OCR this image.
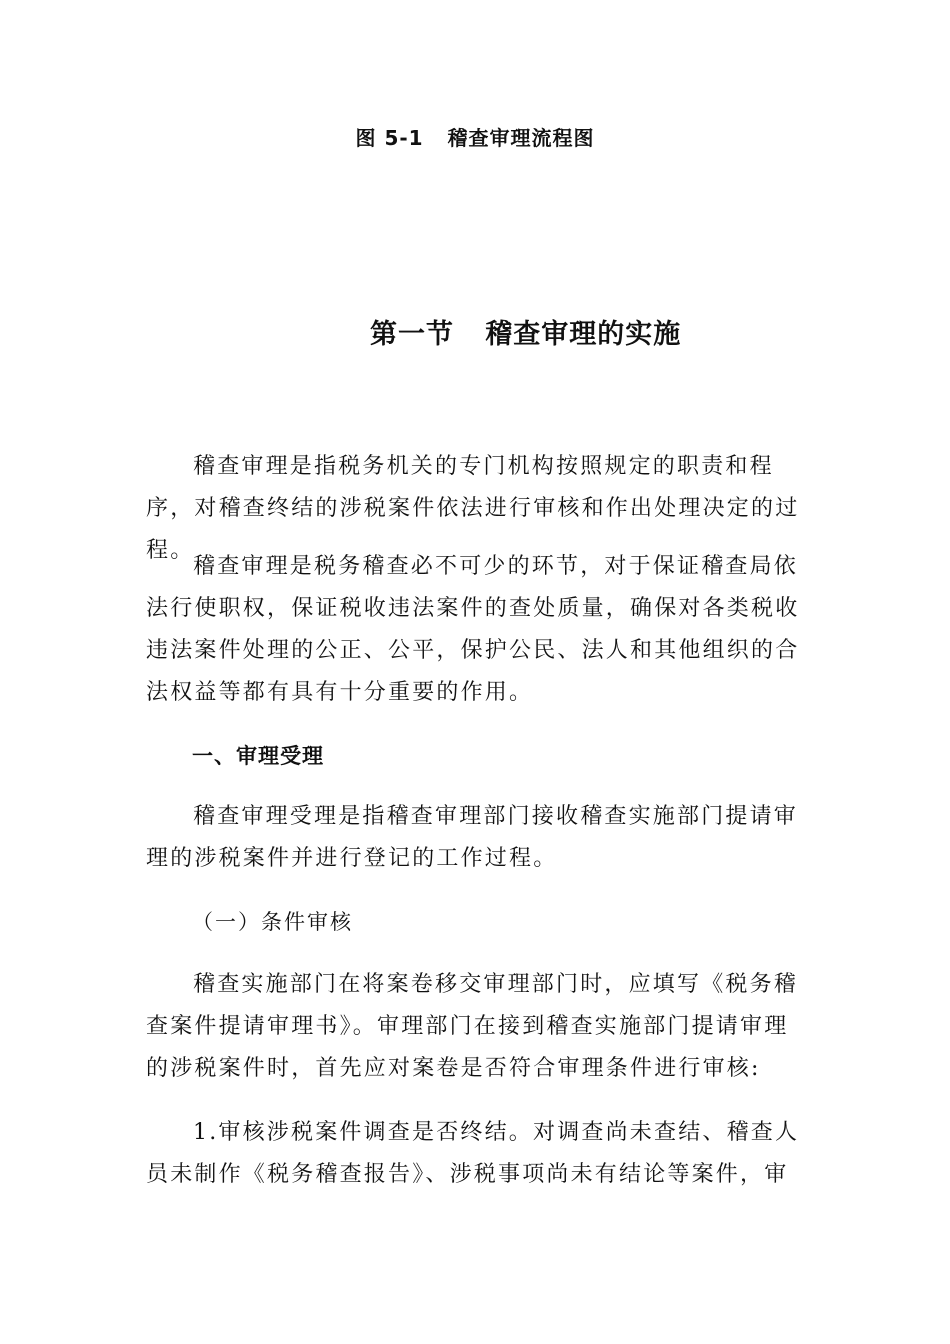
图 5-1   稽查审理流程图
第一节   稽查审理的实施

稽查审理是指税务机关的专门机构按照规定的职责和程序，对稽查终结的涉税案件依法进行审核和作出处理决定的过程。

稽查审理是税务稽查必不可少的环节，对于保证稽查局依法行使职权，保证税收违法案件的查处质量，确保对各类税收违法案件处理的公正、公平，保护公民、法人和其他组织的合法权益等都有具有十分重要的作用。

一、审理受理

稽查审理受理是指稽查审理部门接收稽查实施部门提请审理的涉税案件并进行登记的工作过程。

（一）条件审核

稽查实施部门在将案卷移交审理部门时，应填写《税务稽查案件提请审理书》。审理部门在接到稽查实施部门提请审理的涉税案件时，首先应对案卷是否符合审理条件进行审核:

1.审核涉税案件调查是否终结。对调查尚未查结、稽查人员未制作《税务稽查报告》、涉税事项尚未有结论等案件，审
